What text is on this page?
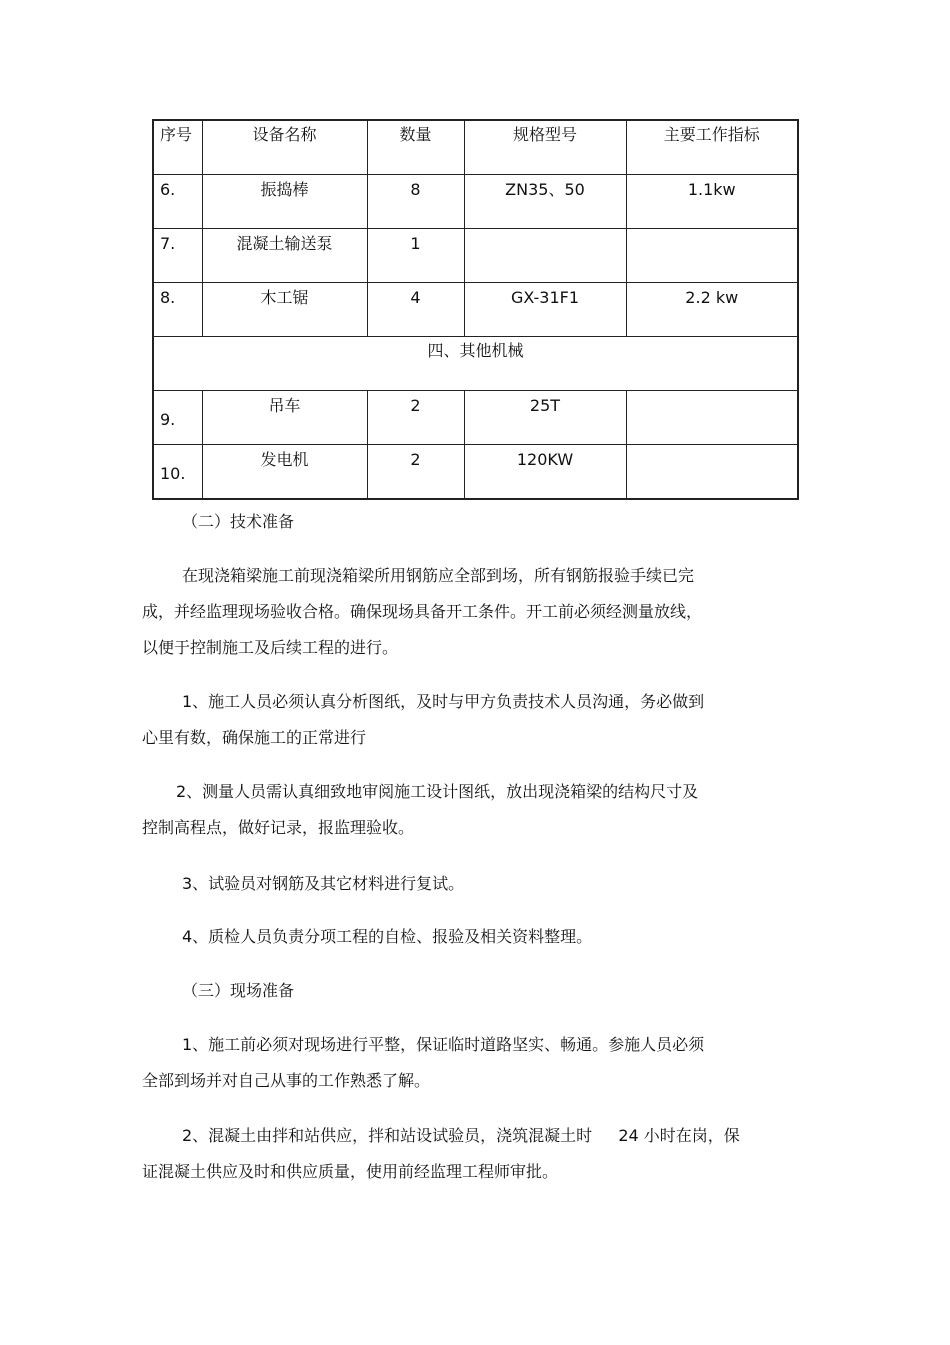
序号	设备名称	数量	规格型号	主要工作指标

6.	振捣棒	8	ZN35、50	1.1kw

7.	混凝土输送泵	1		

8.	木工锯	4	GX-31F1	2.2 kw

四、其他机械				

9.	吊车	2	25T	

10.	发电机	2	120KW	

（二）技术准备
在现浇箱梁施工前现浇箱梁所用钢筋应全部到场，所有钢筋报验手续已完
成，并经监理现场验收合格。确保现场具备开工条件。开工前必须经测量放线，
以便于控制施工及后续工程的进行。
1、施工人员必须认真分析图纸，及时与甲方负责技术人员沟通，务必做到
心里有数，确保施工的正常进行
2、测量人员需认真细致地审阅施工设计图纸，放出现浇箱梁的结构尺寸及
控制高程点，做好记录，报监理验收。
3、试验员对钢筋及其它材料进行复试。
4、质检人员负责分项工程的自检、报验及相关资料整理。
（三）现场准备
1、施工前必须对现场进行平整，保证临时道路坚实、畅通。参施人员必须
全部到场并对自己从事的工作熟悉了解。
2、混凝土由拌和站供应，拌和站设试验员，浇筑混凝土时　  24 小时在岗，保
证混凝土供应及时和供应质量，使用前经监理工程师审批。
